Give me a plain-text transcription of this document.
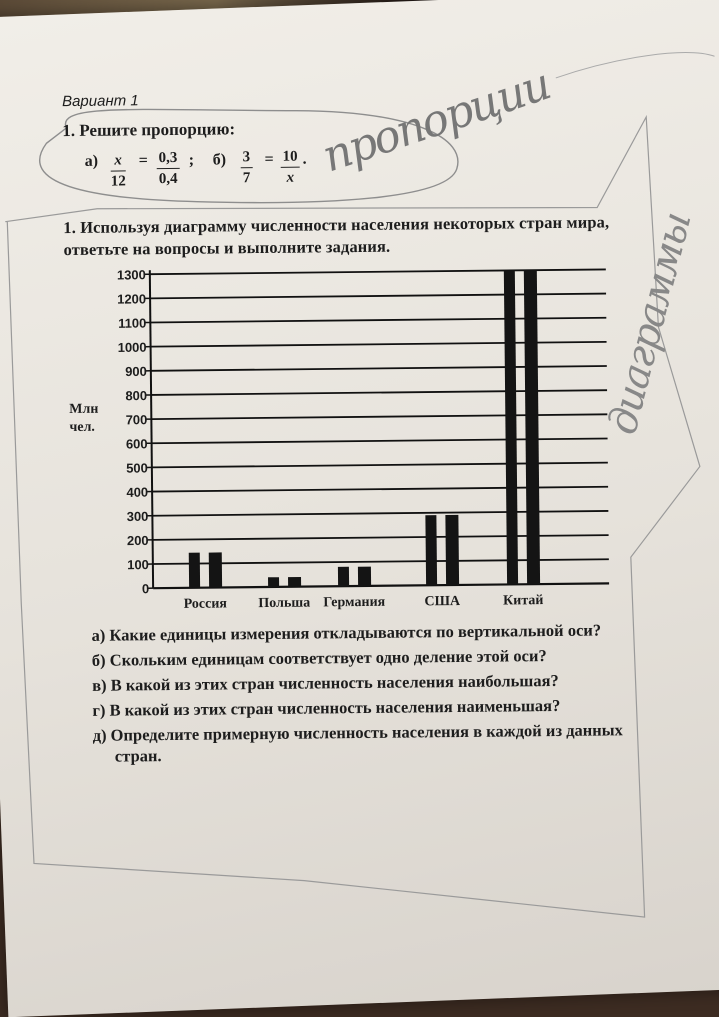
Вариант 1
1. Решите пропорцию:
$а) \frac{x}{12} = \frac{0,3}{0,4}$ ; $б) \frac{3}{7} = \frac{10}{x}$ . пропорции
диаграммы
1. Используя диаграмму численности населения некоторых стран мира, ответьте на вопросы и выполните задания.
Млн
чел.
0
100
200
300
400
500
600
700
800
900
1000
1100
1200
1300
Россия Польша Германия	США	Китай

а) Какие единицы измерения откладываются по вертикальной оси?

б) Скольким единицам соответствует одно деление этой оси?

в) В какой из этих стран численность населения наибольшая?

г) В какой из этих стран численность населения наименьшая?

д) Определите примерную численность населения в каждой из данных стран.
